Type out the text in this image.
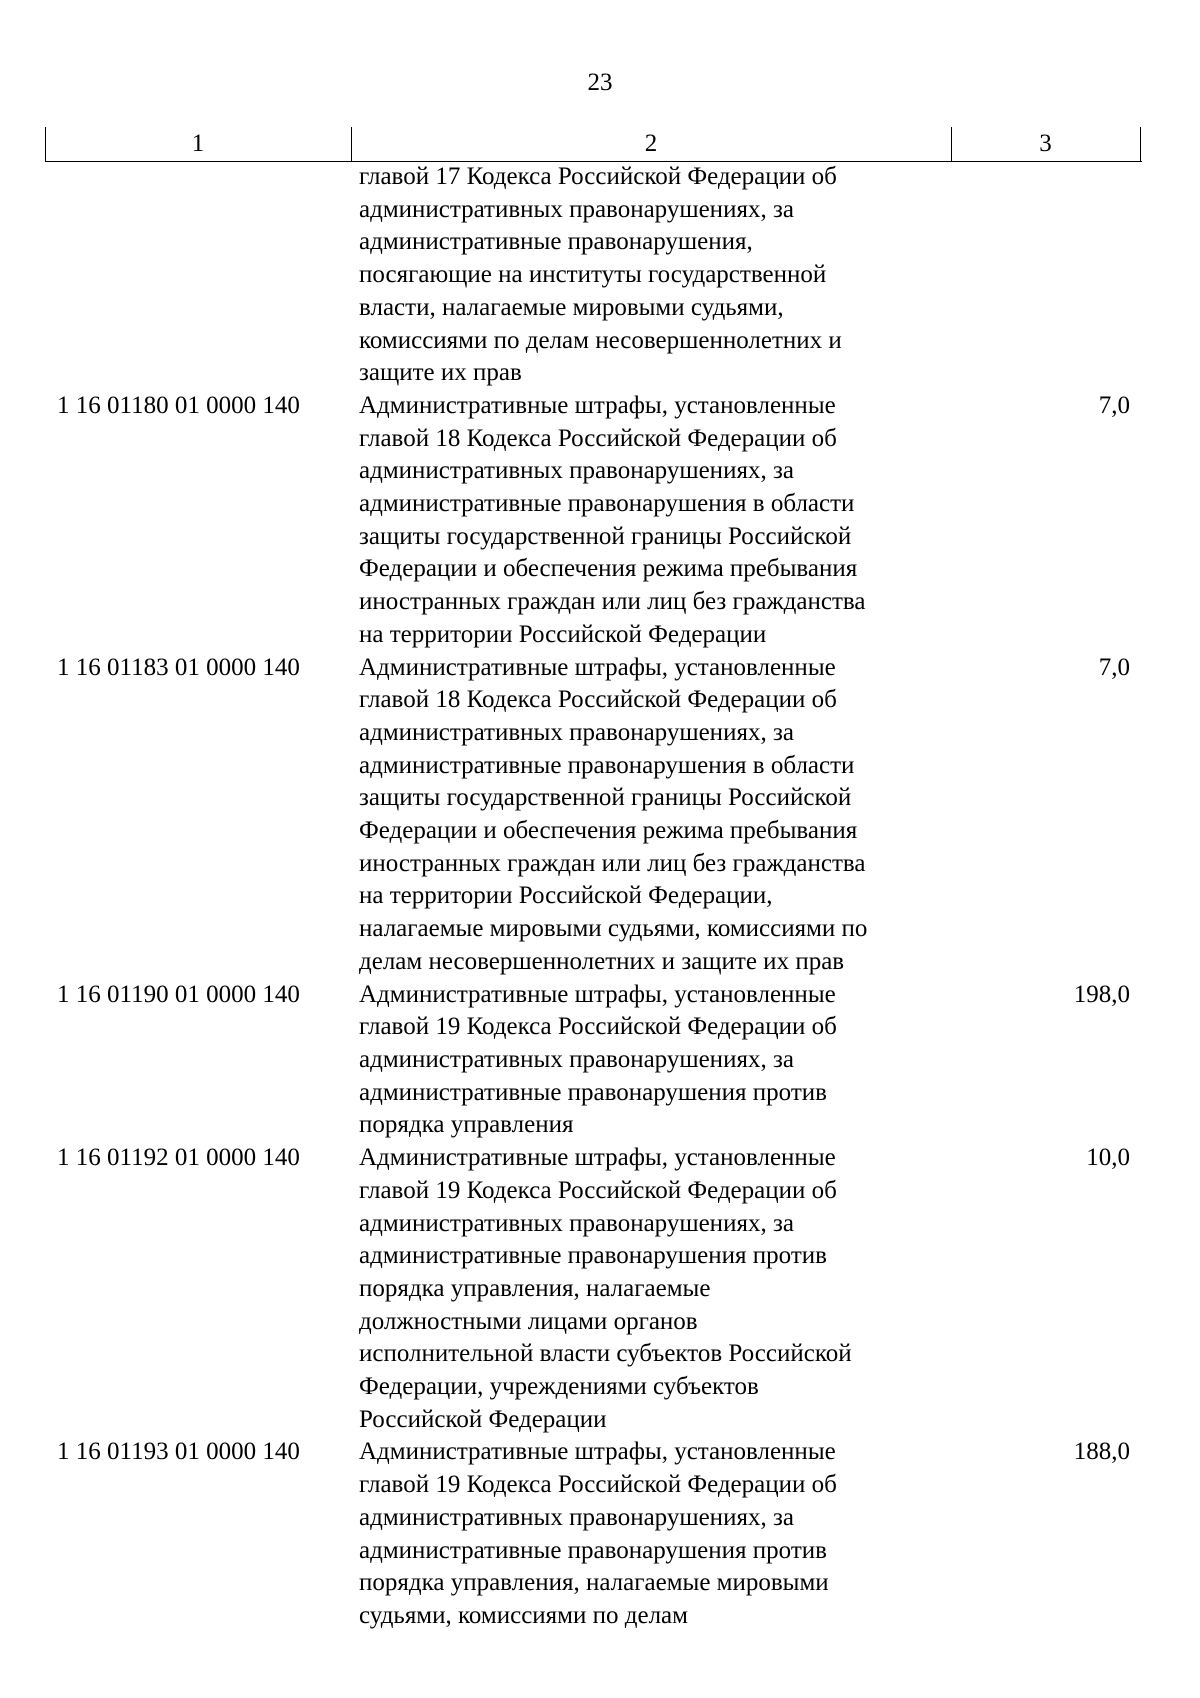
23
1	2	3
главой 17 Кодекса Российской Федерации об
административных правонарушениях, за
административные правонарушения,
посягающие на институты государственной
власти, налагаемые мировыми судьями,
комиссиями по делам несовершеннолетних и
защите их прав
1 16 01180 01 0000 140 Административные штрафы, установленные
главой 18 Кодекса Российской Федерации об
административных правонарушениях, за
административные правонарушения в области
защиты государственной границы Российской
Федерации и обеспечения режима пребывания
иностранных граждан или лиц без гражданства
на территории Российской Федерации
7,0
1 16 01183 01 0000 140 Административные штрафы, установленные
главой 18 Кодекса Российской Федерации об
административных правонарушениях, за
административные правонарушения в области
защиты государственной границы Российской
Федерации и обеспечения режима пребывания
иностранных граждан или лиц без гражданства
на территории Российской Федерации,
налагаемые мировыми судьями, комиссиями по
делам несовершеннолетних и защите их прав
7,0
1 16 01190 01 0000 140 Административные штрафы, установленные
главой 19 Кодекса Российской Федерации об
административных правонарушениях, за
административные правонарушения против
порядка управления
198,0
1 16 01192 01 0000 140 Административные штрафы, установленные
главой 19 Кодекса Российской Федерации об
административных правонарушениях, за
административные правонарушения против
порядка управления, налагаемые
должностными лицами органов
исполнительной власти субъектов Российской
Федерации, учреждениями субъектов
Российской Федерации
10,0
1 16 01193 01 0000 140 Административные штрафы, установленные
главой 19 Кодекса Российской Федерации об
административных правонарушениях, за
административные правонарушения против
порядка управления, налагаемые мировыми
судьями, комиссиями по делам
188,0
